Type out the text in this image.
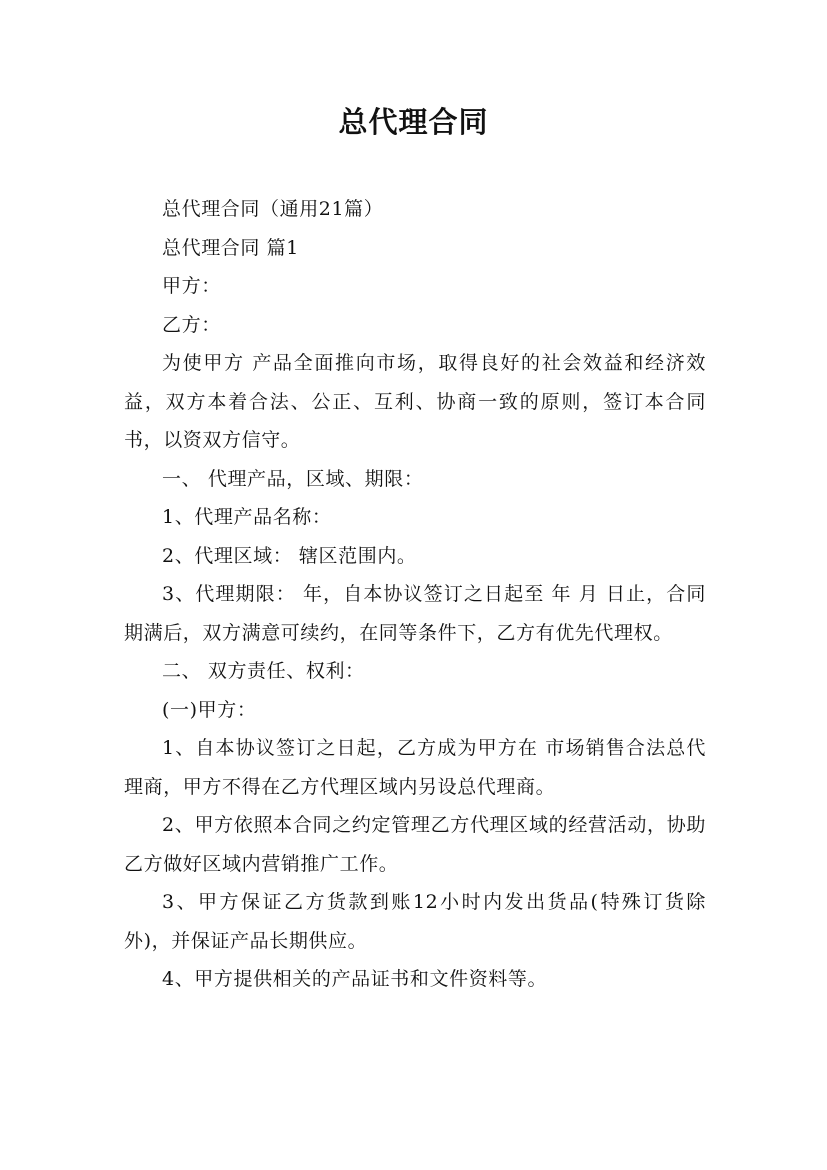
总代理合同

总代理合同（通用21篇）

总代理合同 篇1

甲方：

乙方：

为使甲方 产品全面推向市场，取得良好的社会效益和经济效益，双方本着合法、公正、互利、协商一致的原则，签订本合同书，以资双方信守。

一、 代理产品，区域、期限：

1、代理产品名称：

2、代理区域： 辖区范围内。

3、代理期限： 年，自本协议签订之日起至 年 月 日止，合同期满后，双方满意可续约，在同等条件下，乙方有优先代理权。

二、 双方责任、权利：

(一)甲方：

1、自本协议签订之日起，乙方成为甲方在 市场销售合法总代理商，甲方不得在乙方代理区域内另设总代理商。

2、甲方依照本合同之约定管理乙方代理区域的经营活动，协助乙方做好区域内营销推广工作。

3、甲方保证乙方货款到账12小时内发出货品(特殊订货除外)，并保证产品长期供应。

4、甲方提供相关的产品证书和文件资料等。
